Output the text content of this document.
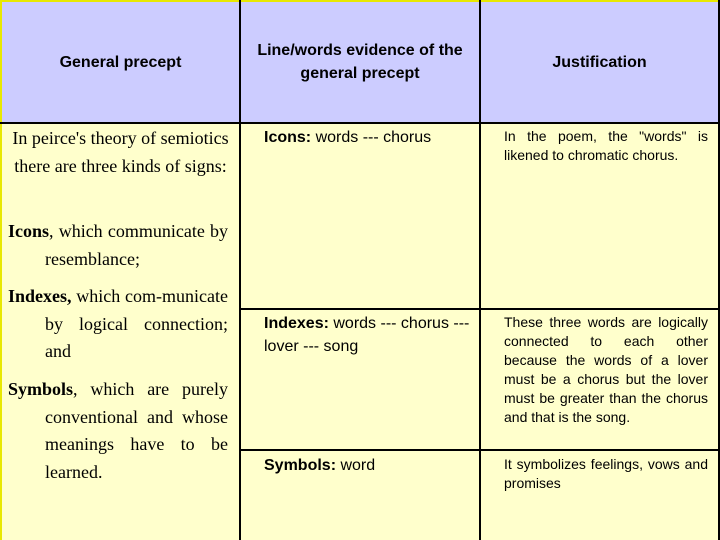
General precept
Line/words evidence of the general precept
Justification
In peirce's theory of semiotics there are three kinds of signs:
Icons, which communicate by resemblance;
Indexes, which com-municate by logical connection; and
Symbols, which are purely conventional and whose meanings have to be learned.
Icons: words --- chorus
Indexes: words --- chorus --- lover --- song
Symbols: word
In the poem, the "words" is likened to chromatic chorus.
These three words are logically connected to each other because the words of a lover must be a chorus but the lover must be greater than the chorus and that is the song.
It symbolizes feelings, vows and promises
